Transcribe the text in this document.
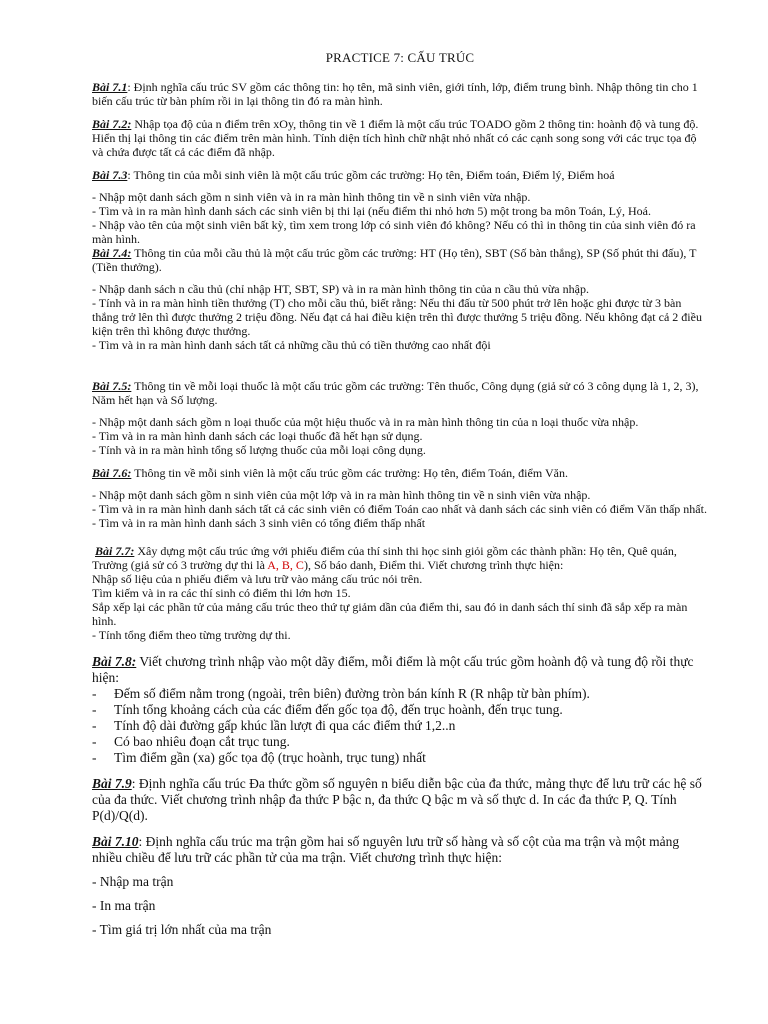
PRACTICE 7: CẤU TRÚC

Bài 7.1: Định nghĩa cấu trúc SV gồm các thông tin: họ tên, mã sinh viên, giới tính, lớp, điểm trung bình. Nhập thông tin cho 1 biến cấu trúc từ bàn phím rồi in lại thông tin đó ra màn hình.

Bài 7.2: Nhập tọa độ của n điểm trên xOy, thông tin về 1 điểm là một cấu trúc TOADO gồm 2 thông tin: hoành độ và tung độ. Hiển thị lại thông tin các điểm trên màn hình. Tính diện tích hình chữ nhật nhỏ nhất có các cạnh song song với các trục tọa độ và chứa được tất cả các điểm đã nhập.

Bài 7.3: Thông tin của mỗi sinh viên là một cấu trúc gồm các trường: Họ tên, Điểm toán, Điểm lý, Điểm hoá

- Nhập một danh sách gồm n sinh viên và in ra màn hình thông tin về n sinh viên vừa nhập.

- Tìm và in ra màn hình danh sách các sinh viên bị thi lại (nếu điểm thi nhỏ hơn 5) một trong ba môn Toán, Lý, Hoá.

- Nhập vào tên của một sinh viên bất kỳ, tìm xem trong lớp có sinh viên đó không? Nếu có thì in thông tin của sinh viên đó ra màn hình.

Bài 7.4: Thông tin của mỗi cầu thủ là một cấu trúc gồm các trường: HT (Họ tên), SBT (Số bàn thắng), SP (Số phút thi đấu), T (Tiền thưởng).

- Nhập danh sách n cầu thủ (chỉ nhập HT, SBT, SP) và in ra màn hình thông tin của n cầu thủ vừa nhập.

- Tính và in ra màn hình tiền thưởng (T) cho mỗi cầu thủ, biết rằng: Nếu thi đấu từ 500 phút trở lên hoặc ghi được từ 3 bàn thắng trở lên thì được thưởng 2 triệu đồng. Nếu đạt cả hai điều kiện trên thì được thưởng 5 triệu đồng. Nếu không đạt cả 2 điều kiện trên thì không được thưởng.

- Tìm và in ra màn hình danh sách tất cả những cầu thủ có tiền thưởng cao nhất đội

Bài 7.5: Thông tin về mỗi loại thuốc là một cấu trúc gồm các trường: Tên thuốc, Công dụng (giả sử có 3 công dụng là 1, 2, 3), Năm hết hạn và Số lượng.

- Nhập một danh sách gồm n loại thuốc của một hiệu thuốc và in ra màn hình thông tin của n loại thuốc vừa nhập.

- Tìm và in ra màn hình danh sách các loại thuốc đã hết hạn sử dụng.

- Tính và in ra màn hình tổng số lượng thuốc của mỗi loại công dụng.

Bài 7.6: Thông tin về mỗi sinh viên là một cấu trúc gồm các trường: Họ tên, điểm Toán, điểm Văn.

- Nhập một danh sách gồm n sinh viên của một lớp và in ra màn hình thông tin về n sinh viên vừa nhập.

- Tìm và in ra màn hình danh sách tất cả các sinh viên có điểm Toán cao nhất và danh sách các sinh viên có điểm Văn thấp nhất.

- Tìm và in ra màn hình danh sách 3 sinh viên có tổng điểm thấp nhất

Bài 7.7: Xây dựng một cấu trúc ứng với phiếu điểm của thí sinh thi học sinh giỏi gồm các thành phần: Họ tên, Quê quán, Trường (giả sử có 3 trường dự thi là A, B, C), Số báo danh, Điểm thi. Viết chương trình thực hiện:

Nhập số liệu của n phiếu điểm và lưu trữ vào mảng cấu trúc nói trên.

Tìm kiếm và in ra các thí sinh có điểm thi lớn hơn 15.

Sắp xếp lại các phần tử của mảng cấu trúc theo thứ tự giảm dần của điểm thi, sau đó in danh sách thí sinh đã sắp xếp ra màn hình.

- Tính tổng điểm theo từng trường dự thi.

Bài 7.8: Viết chương trình nhập vào một dãy điểm, mỗi điểm là một cấu trúc gồm hoành độ và tung độ rồi thực hiện:

- Đếm số điểm nằm trong (ngoài, trên biên) đường tròn bán kính R (R nhập từ bàn phím).
- Tính tổng khoảng cách của các điểm đến gốc tọa độ, đến trục hoành, đến trục tung.
- Tính độ dài đường gấp khúc lần lượt đi qua các điểm thứ 1,2..n
- Có bao nhiêu đoạn cắt trục tung.
- Tìm điểm gần (xa) gốc tọa độ (trục hoành, trục tung) nhất

Bài 7.9: Định nghĩa cấu trúc Đa thức gồm số nguyên n biểu diễn bậc của đa thức, mảng thực để lưu trữ các hệ số của đa thức. Viết chương trình nhập đa thức P bậc n, đa thức Q bậc m và số thực d. In các đa thức P, Q. Tính P(d)/Q(d).

Bài 7.10: Định nghĩa cấu trúc ma trận gồm hai số nguyên lưu trữ số hàng và số cột của ma trận và một mảng nhiều chiều để lưu trữ các phần tử của ma trận. Viết chương trình thực hiện:

- Nhập ma trận

- In ma trận

- Tìm giá trị lớn nhất của ma trận
